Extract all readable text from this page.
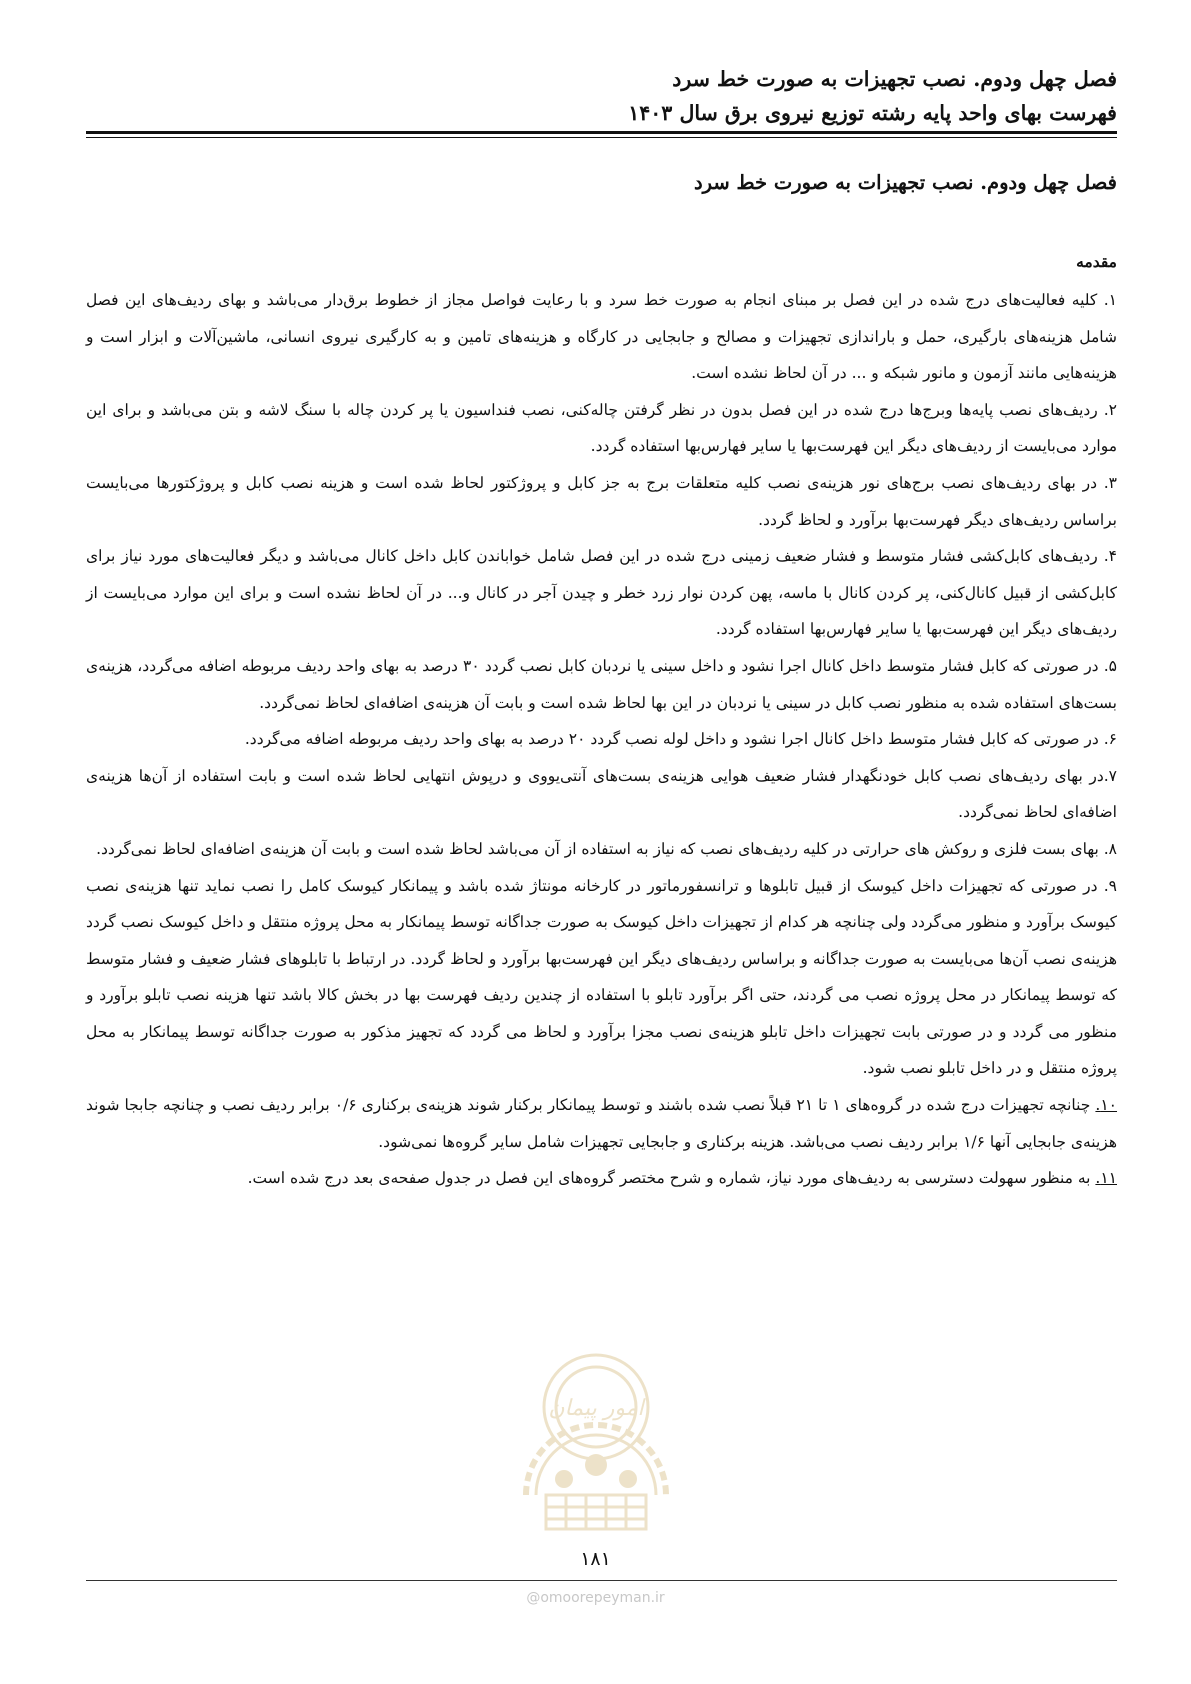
فصل چهل ودوم. نصب تجهیزات به صورت خط سرد
فهرست بهای واحد پایه رشته توزیع نیروی برق سال ۱۴۰۳
فصل چهل ودوم. نصب تجهیزات به صورت خط سرد
مقدمه

۱. کلیه فعالیت‌های درج شده در این فصل بر مبنای انجام به صورت خط سرد و با رعایت فواصل مجاز از خطوط برق‌دار می‌باشد و بهای ردیف‌های این فصل شامل هزینه‌های بارگیری، حمل و باراندازی تجهیزات و مصالح و جابجایی در کارگاه و هزینه‌های تامین و به کارگیری نیروی انسانی، ماشین‌آلات و ابزار است و هزینه‌هایی مانند آزمون و مانور شبکه و ... در آن لحاظ نشده است.

۲. ردیف‌های نصب پایه‌ها وبرج‌ها درج شده در این فصل بدون در نظر گرفتن چاله‌کنی، نصب فنداسیون یا پر کردن چاله با سنگ لاشه و بتن می‌باشد و برای این موارد می‌بایست از ردیف‌های دیگر این فهرست‌بها یا سایر فهارس‌بها استفاده گردد.

۳. در بهای ردیف‌های نصب برج‌های نور هزینه‌ی نصب کلیه متعلقات برج به جز کابل و پروژکتور لحاظ شده است و هزینه نصب کابل و پروژکتورها می‌بایست براساس ردیف‌های دیگر فهرست‌بها برآورد و لحاظ گردد.

۴. ردیف‌های کابل‌کشی فشار متوسط و فشار ضعیف زمینی درج شده در این فصل شامل خواباندن کابل داخل کانال می‌باشد و دیگر فعالیت‌های مورد نیاز برای کابل‌کشی از قبیل کانال‌کنی، پر کردن کانال با ماسه، پهن کردن نوار زرد خطر و چیدن آجر در کانال و... در آن لحاظ نشده است و برای این موارد می‌بایست از ردیف‌های دیگر این فهرست‌بها یا سایر فهارس‌بها استفاده گردد.

۵. در صورتی که کابل فشار متوسط داخل کانال اجرا نشود و داخل سینی یا نردبان کابل نصب گردد ۳۰ درصد به بهای واحد ردیف مربوطه اضافه می‌گردد، هزینه‌ی بست‌های استفاده شده به منظور نصب کابل در سینی یا نردبان در این بها لحاظ شده است و بابت آن هزینه‌ی اضافه‌ای لحاظ نمی‌گردد.

۶. در صورتی که کابل فشار متوسط داخل کانال اجرا نشود و داخل لوله نصب گردد ۲۰ درصد به بهای واحد ردیف مربوطه اضافه می‌گردد.

۷.در بهای ردیف‌های نصب کابل خودنگهدار فشار ضعیف هوایی هزینه‌ی بست‌های آنتی‌یووی و درپوش انتهایی لحاظ شده است و بابت استفاده از آن‌ها هزینه‌ی اضافه‌ای لحاظ نمی‌گردد.

۸. بهای بست فلزی و روکش های حرارتی در کلیه ردیف‌های نصب که نیاز به استفاده از آن می‌باشد لحاظ شده است و بابت آن هزینه‌ی اضافه‌ای لحاظ نمی‌گردد.

۹. در صورتی که تجهیزات داخل کیوسک از قبیل تابلوها و ترانسفورماتور در کارخانه مونتاژ شده باشد و پیمانکار کیوسک کامل را نصب نماید تنها هزینه‌ی نصب کیوسک برآورد و منظور می‌گردد ولی چنانچه هر کدام از تجهیزات داخل کیوسک به صورت جداگانه توسط پیمانکار به محل پروژه منتقل و داخل کیوسک نصب گردد هزینه‌ی نصب آن‌ها می‌بایست به صورت جداگانه و براساس ردیف‌های دیگر این فهرست‌بها برآورد و لحاظ گردد. در ارتباط با تابلوهای فشار ضعیف و فشار متوسط که توسط پیمانکار در محل پروژه نصب می گردند، حتی اگر برآورد تابلو با استفاده از چندین ردیف فهرست بها در بخش کالا باشد تنها هزینه نصب تابلو برآورد و منظور می گردد و در صورتی بابت تجهیزات داخل تابلو هزینه‌ی نصب مجزا برآورد و لحاظ می گردد که تجهیز مذکور به صورت جداگانه توسط پیمانکار به محل پروژه منتقل و در داخل تابلو نصب شود.

۱۰. چنانچه تجهیزات درج شده در گروه‌های ۱ تا ۲۱ قبلاً نصب شده باشند و توسط پیمانکار برکنار شوند هزینه‌ی برکناری ۰/۶ برابر ردیف نصب و چنانچه جابجا شوند هزینه‌ی جابجایی آنها ۱/۶ برابر ردیف نصب می‌باشد. هزینه برکناری و جابجایی تجهیزات شامل سایر گروه‌ها نمی‌شود.

۱۱. به منظور سهولت دسترسی به ردیف‌های مورد نیاز، شماره و شرح مختصر گروه‌های این فصل در جدول صفحه‌ی بعد درج شده است.

امور پیمان
۱۸۱
@omoorepeyman.ir
